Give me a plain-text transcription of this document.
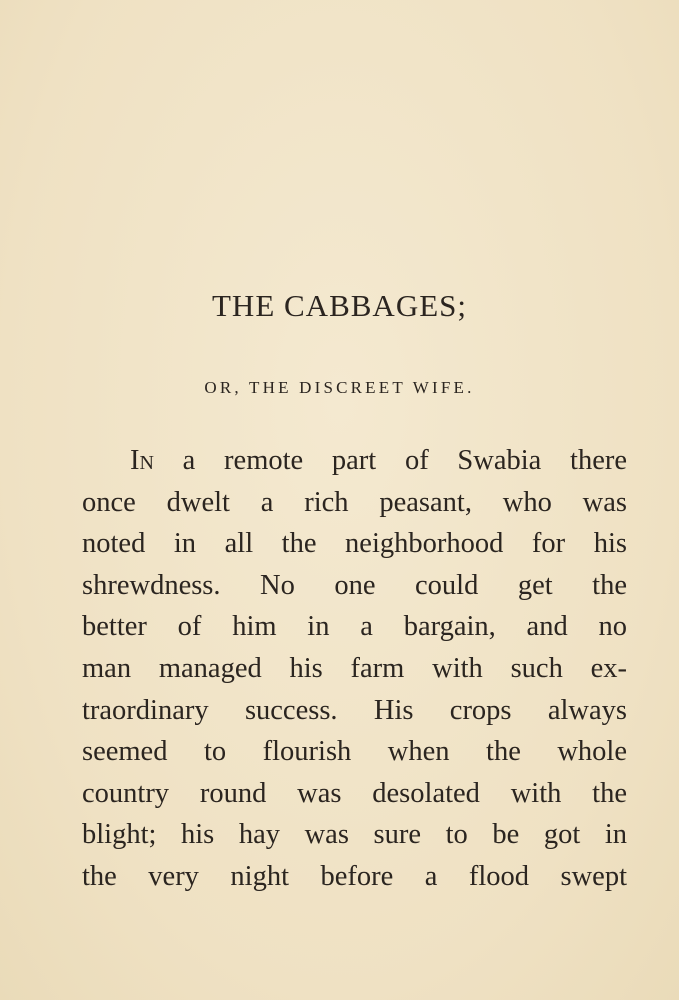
THE CABBAGES;
OR, THE DISCREET WIFE.
In a remote part of Swabia there
once dwelt a rich peasant, who was
noted in all the neighborhood for his
shrewdness. No one could get the
better of him in a bargain, and no
man managed his farm with such ex-
traordinary success. His crops always
seemed to flourish when the whole
country round was desolated with the
blight; his hay was sure to be got in
the very night before a flood swept
